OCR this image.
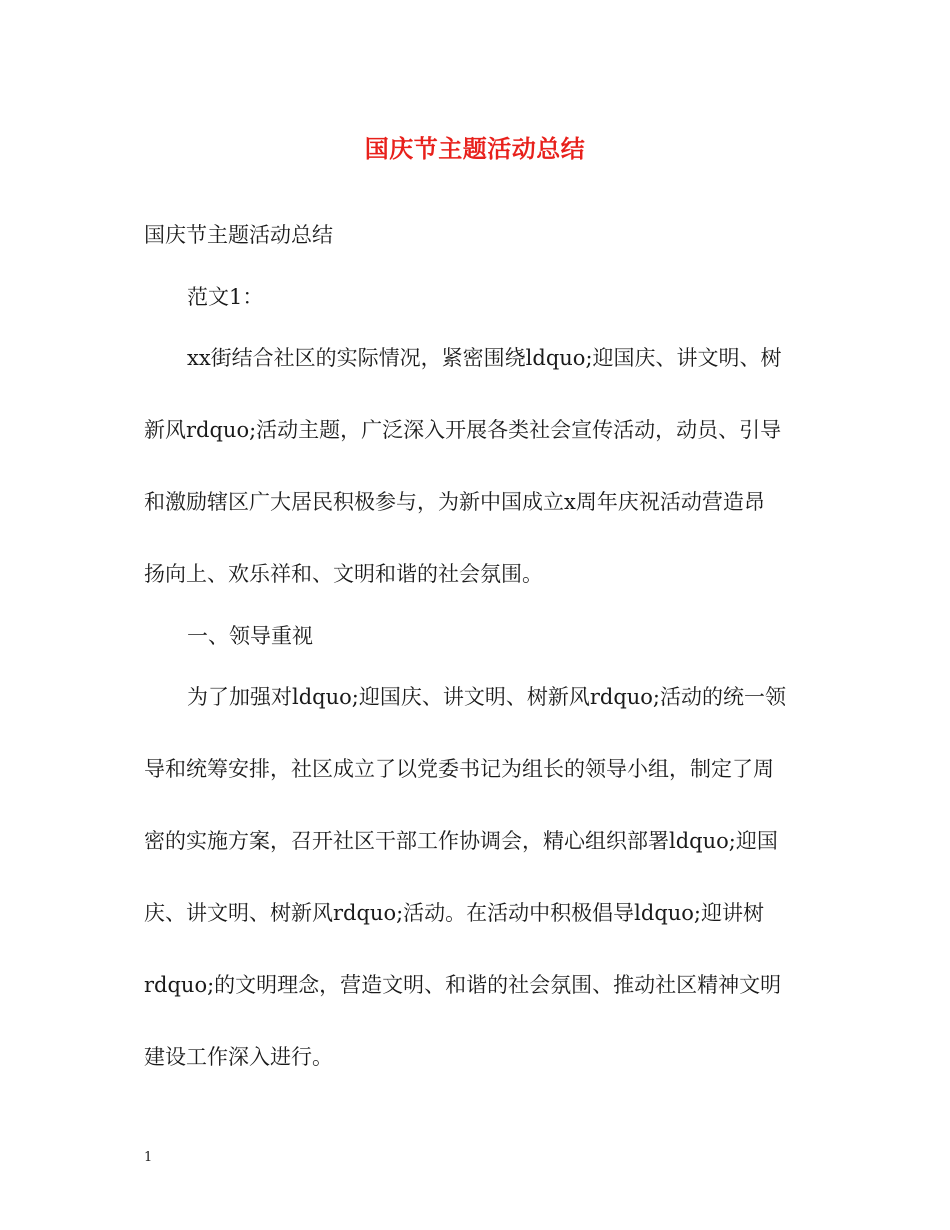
国庆节主题活动总结
国庆节主题活动总结
范文1：
xx街结合社区的实际情况，紧密围绕ldquo;迎国庆、讲文明、树
新风rdquo;活动主题，广泛深入开展各类社会宣传活动，动员、引导
和激励辖区广大居民积极参与，为新中国成立x周年庆祝活动营造昂
扬向上、欢乐祥和、文明和谐的社会氛围。
一、领导重视
为了加强对ldquo;迎国庆、讲文明、树新风rdquo;活动的统一领
导和统筹安排，社区成立了以党委书记为组长的领导小组，制定了周
密的实施方案，召开社区干部工作协调会，精心组织部署ldquo;迎国
庆、讲文明、树新风rdquo;活动。在活动中积极倡导ldquo;迎讲树
rdquo;的文明理念，营造文明、和谐的社会氛围、推动社区精神文明
建设工作深入进行。
1
